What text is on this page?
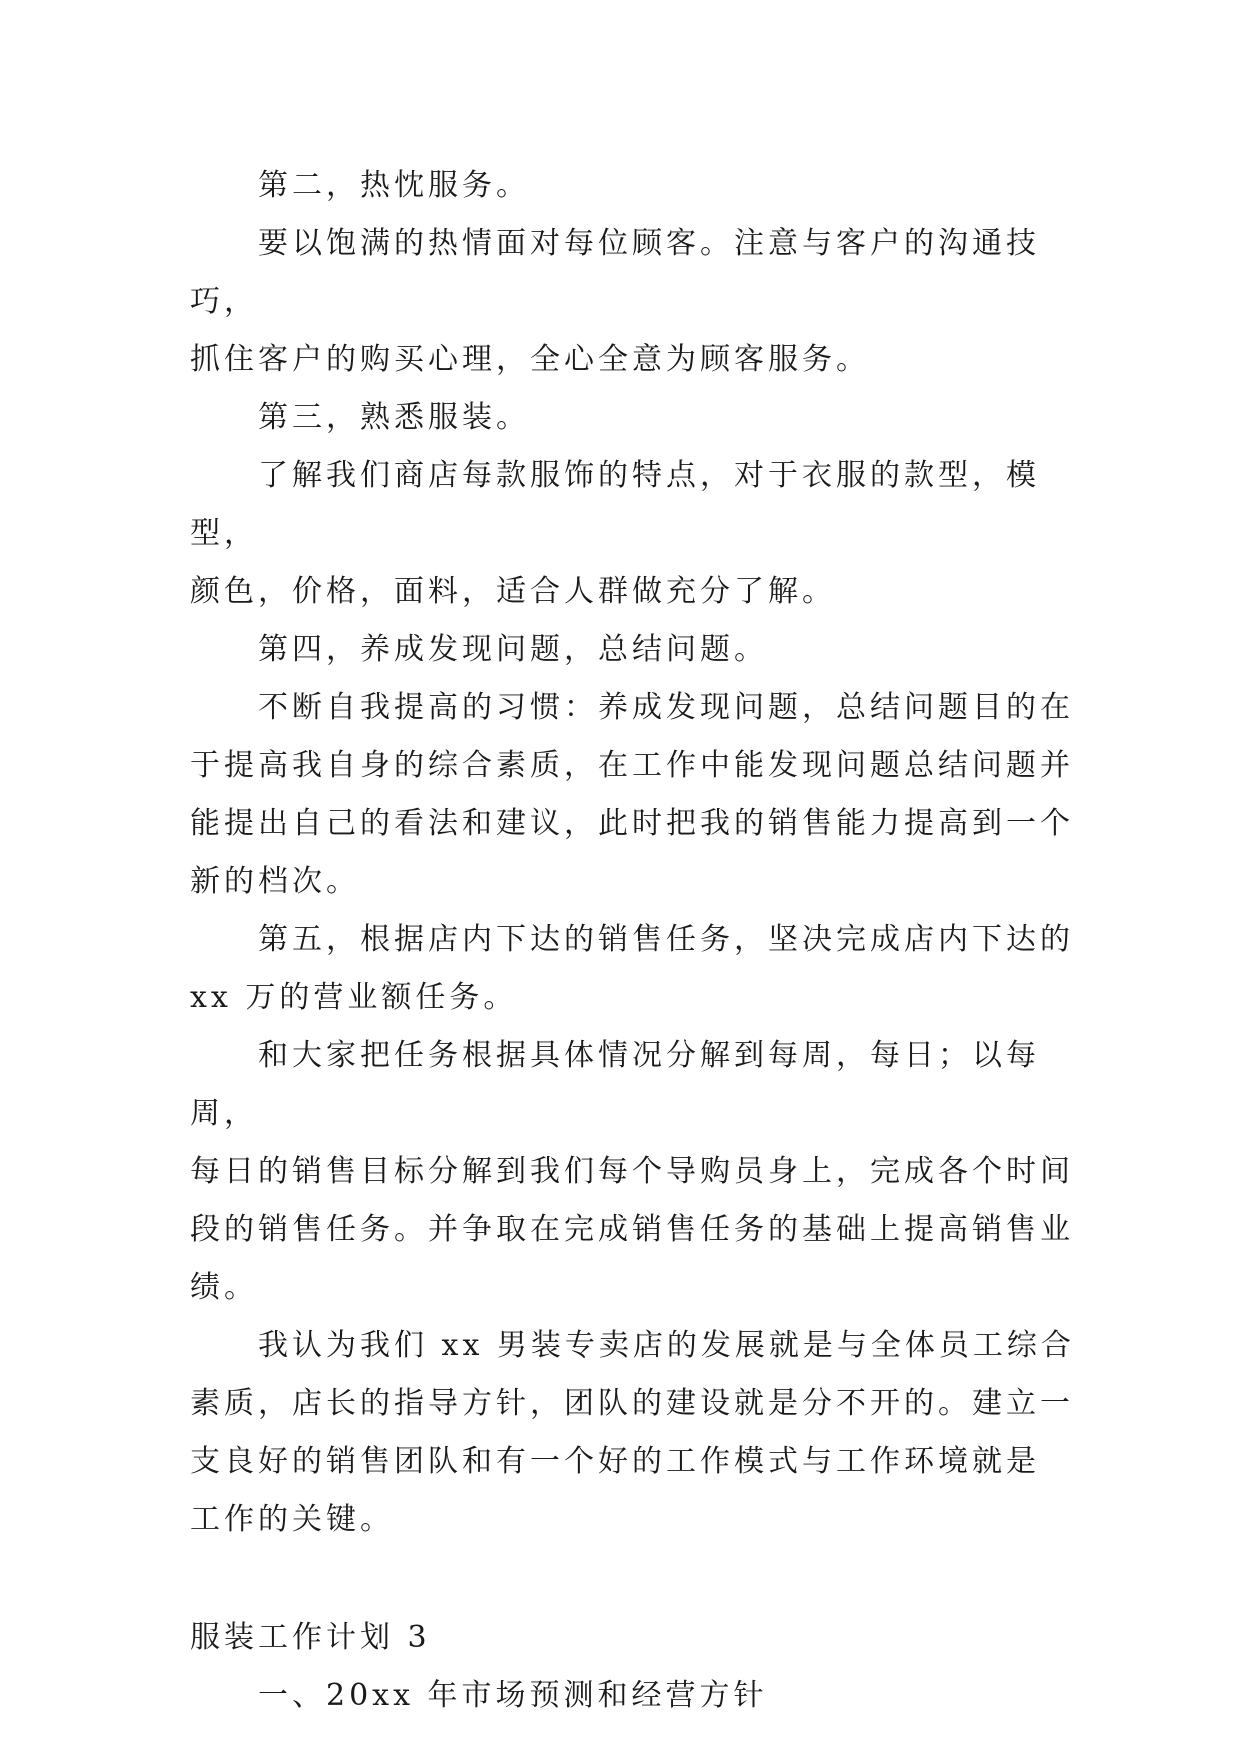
第二，热忱服务。

要以饱满的热情面对每位顾客。注意与客户的沟通技巧，
抓住客户的购买心理，全心全意为顾客服务。

第三，熟悉服装。

了解我们商店每款服饰的特点，对于衣服的款型，模型，
颜色，价格，面料，适合人群做充分了解。

第四，养成发现问题，总结问题。

不断自我提高的习惯：养成发现问题，总结问题目的在
于提高我自身的综合素质，在工作中能发现问题总结问题并
能提出自己的看法和建议，此时把我的销售能力提高到一个
新的档次。

第五，根据店内下达的销售任务，坚决完成店内下达的
xx 万的营业额任务。

和大家把任务根据具体情况分解到每周，每日；以每周，
每日的销售目标分解到我们每个导购员身上，完成各个时间
段的销售任务。并争取在完成销售任务的基础上提高销售业
绩。

我认为我们 xx 男装专卖店的发展就是与全体员工综合
素质，店长的指导方针，团队的建设就是分不开的。建立一
支良好的销售团队和有一个好的工作模式与工作环境就是
工作的关键。

服装工作计划 3

一、20xx 年市场预测和经营方针
